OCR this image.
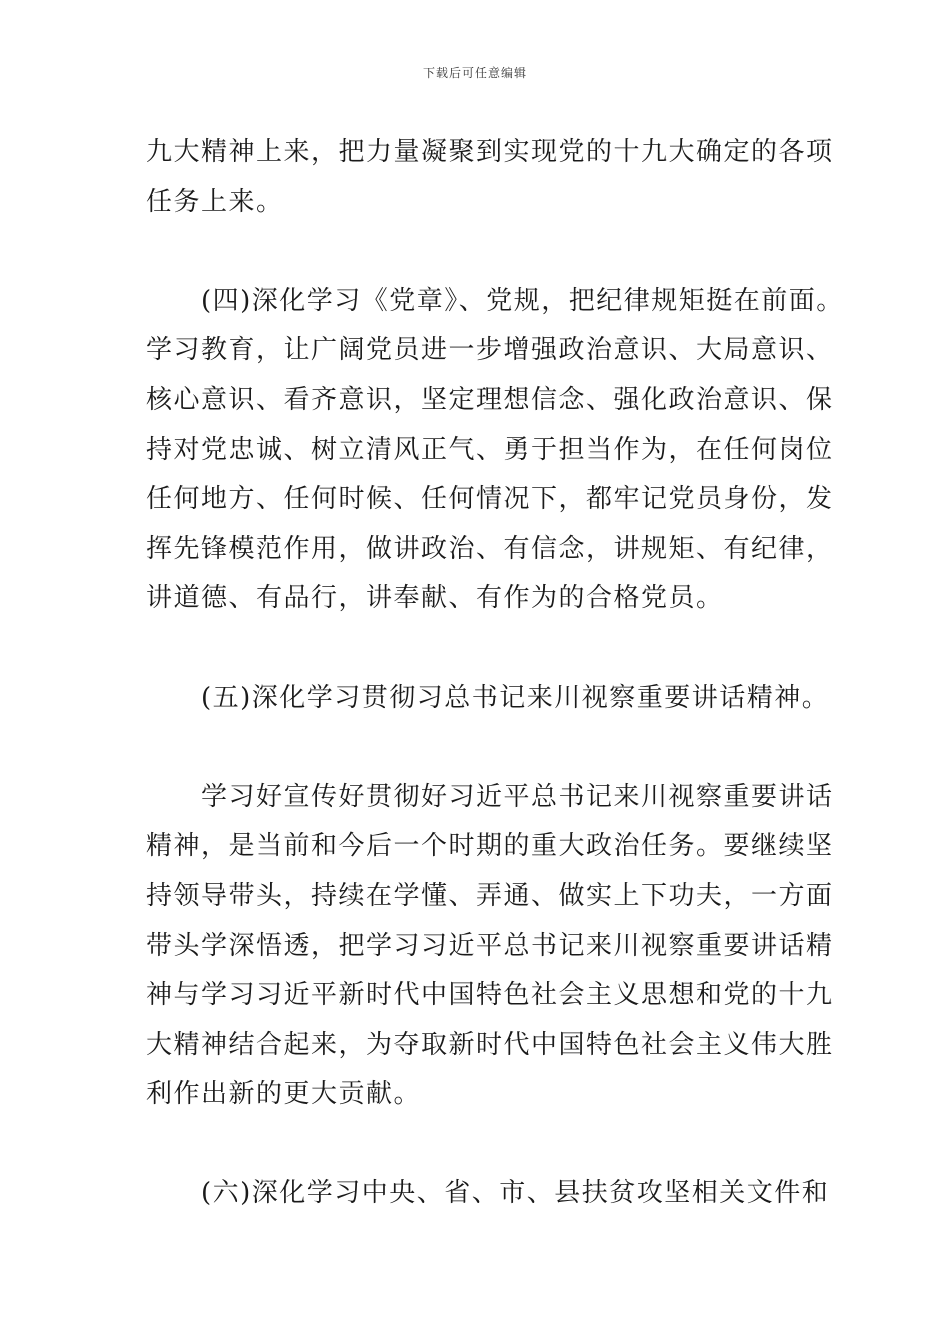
下载后可任意编辑
九大精神上来，把力量凝聚到实现党的十九大确定的各项
任务上来。
　　(四)深化学习《党章》、党规，把纪律规矩挺在前面。
学习教育，让广阔党员进一步增强政治意识、大局意识、
核心意识、看齐意识，坚定理想信念、强化政治意识、保
持对党忠诚、树立清风正气、勇于担当作为，在任何岗位
任何地方、任何时候、任何情况下，都牢记党员身份，发
挥先锋模范作用，做讲政治、有信念，讲规矩、有纪律，
讲道德、有品行，讲奉献、有作为的合格党员。
　　(五)深化学习贯彻习总书记来川视察重要讲话精神。
　　学习好宣传好贯彻好习近平总书记来川视察重要讲话
精神，是当前和今后一个时期的重大政治任务。要继续坚
持领导带头，持续在学懂、弄通、做实上下功夫，一方面
带头学深悟透，把学习习近平总书记来川视察重要讲话精
神与学习习近平新时代中国特色社会主义思想和党的十九
大精神结合起来，为夺取新时代中国特色社会主义伟大胜
利作出新的更大贡献。
　　(六)深化学习中央、省、市、县扶贫攻坚相关文件和
